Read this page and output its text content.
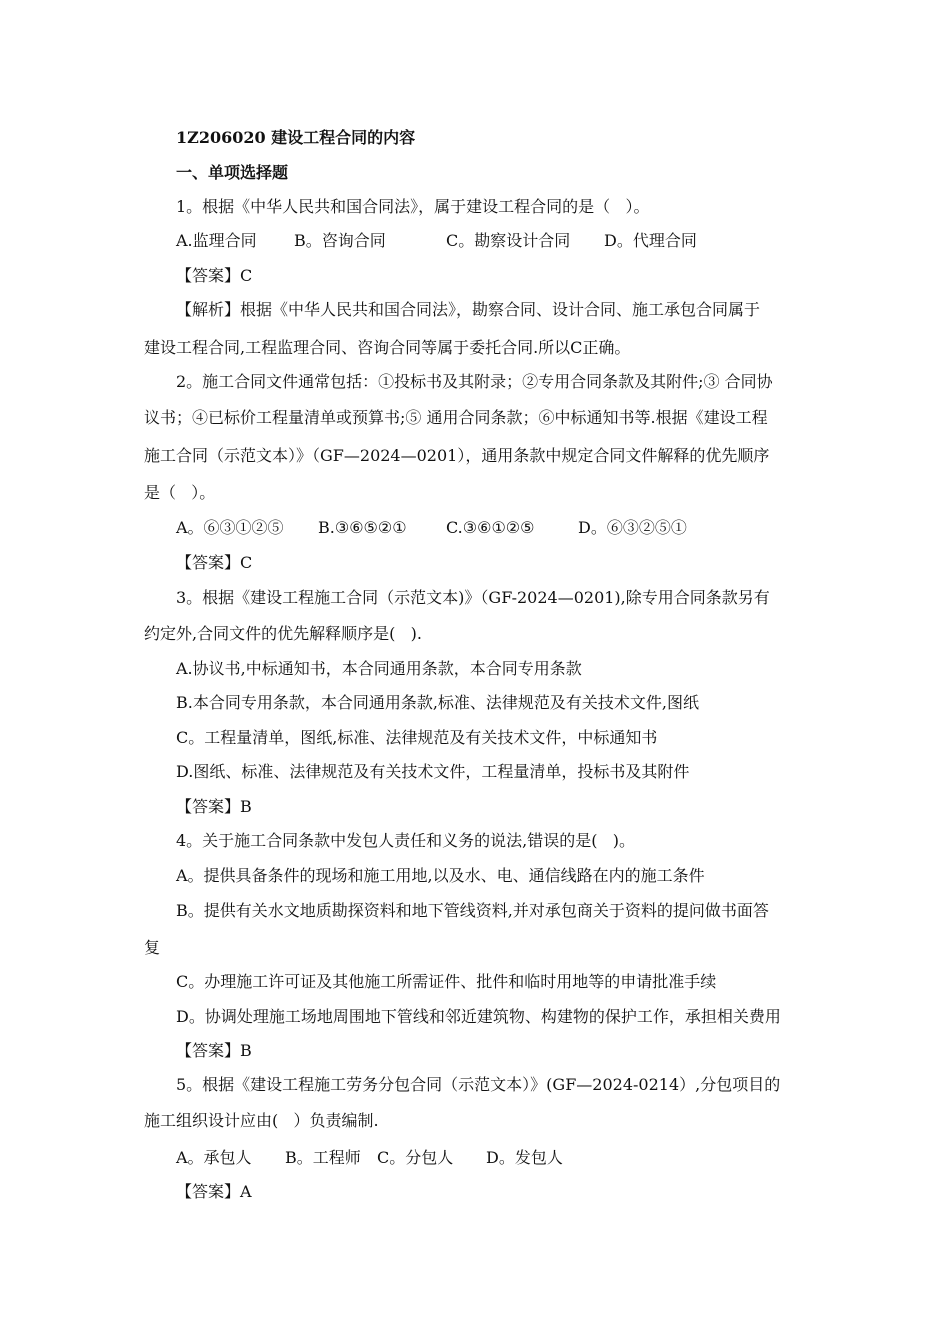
1Z206020 建设工程合同的内容
一、单项选择题
1。根据《中华人民共和国合同法》，属于建设工程合同的是（   ）。
A.监理合同 B。咨询合同	C。勘察设计合同 D。代理合同
【答案】C
【解析】根据《中华人民共和国合同法》，勘察合同、设计合同、施工承包合同属于
建设工程合同,工程监理合同、咨询合同等属于委托合同.所以C正确。
2。施工合同文件通常包括：①投标书及其附录；②专用合同条款及其附件;③ 合同协
议书；④已标价工程量清单或预算书;⑤ 通用合同条款；⑥中标通知书等.根据《建设工程
施工合同（示范文本）》（GF—2024—0201），通用条款中规定合同文件解释的优先顺序
是（   ）。
A。⑥③①②⑤ B.③⑥⑤②① C.③⑥①②⑤	D。⑥③②⑤①
【答案】C
3。根据《建设工程施工合同（示范文本)》（GF-2024—0201),除专用合同条款另有
约定外,合同文件的优先解释顺序是(   ).
A.协议书,中标通知书，本合同通用条款，本合同专用条款
B.本合同专用条款，本合同通用条款,标准、法律规范及有关技术文件,图纸
C。工程量清单，图纸,标准、法律规范及有关技术文件，中标通知书
D.图纸、标准、法律规范及有关技术文件，工程量清单，投标书及其附件
【答案】B
4。关于施工合同条款中发包人责任和义务的说法,错误的是(   )。
A。提供具备条件的现场和施工用地,以及水、电、通信线路在内的施工条件
B。提供有关水文地质勘探资料和地下管线资料,并对承包商关于资料的提问做书面答
复
C。办理施工许可证及其他施工所需证件、批件和临时用地等的申请批准手续
D。协调处理施工场地周围地下管线和邻近建筑物、构建物的保护工作，承担相关费用
【答案】B
5。根据《建设工程施工劳务分包合同（示范文本）》(GF—2024-0214）,分包项目的
施工组织设计应由(   ）负责编制.
A。承包人 B。工程师 C。分包人 D。发包人
【答案】A
